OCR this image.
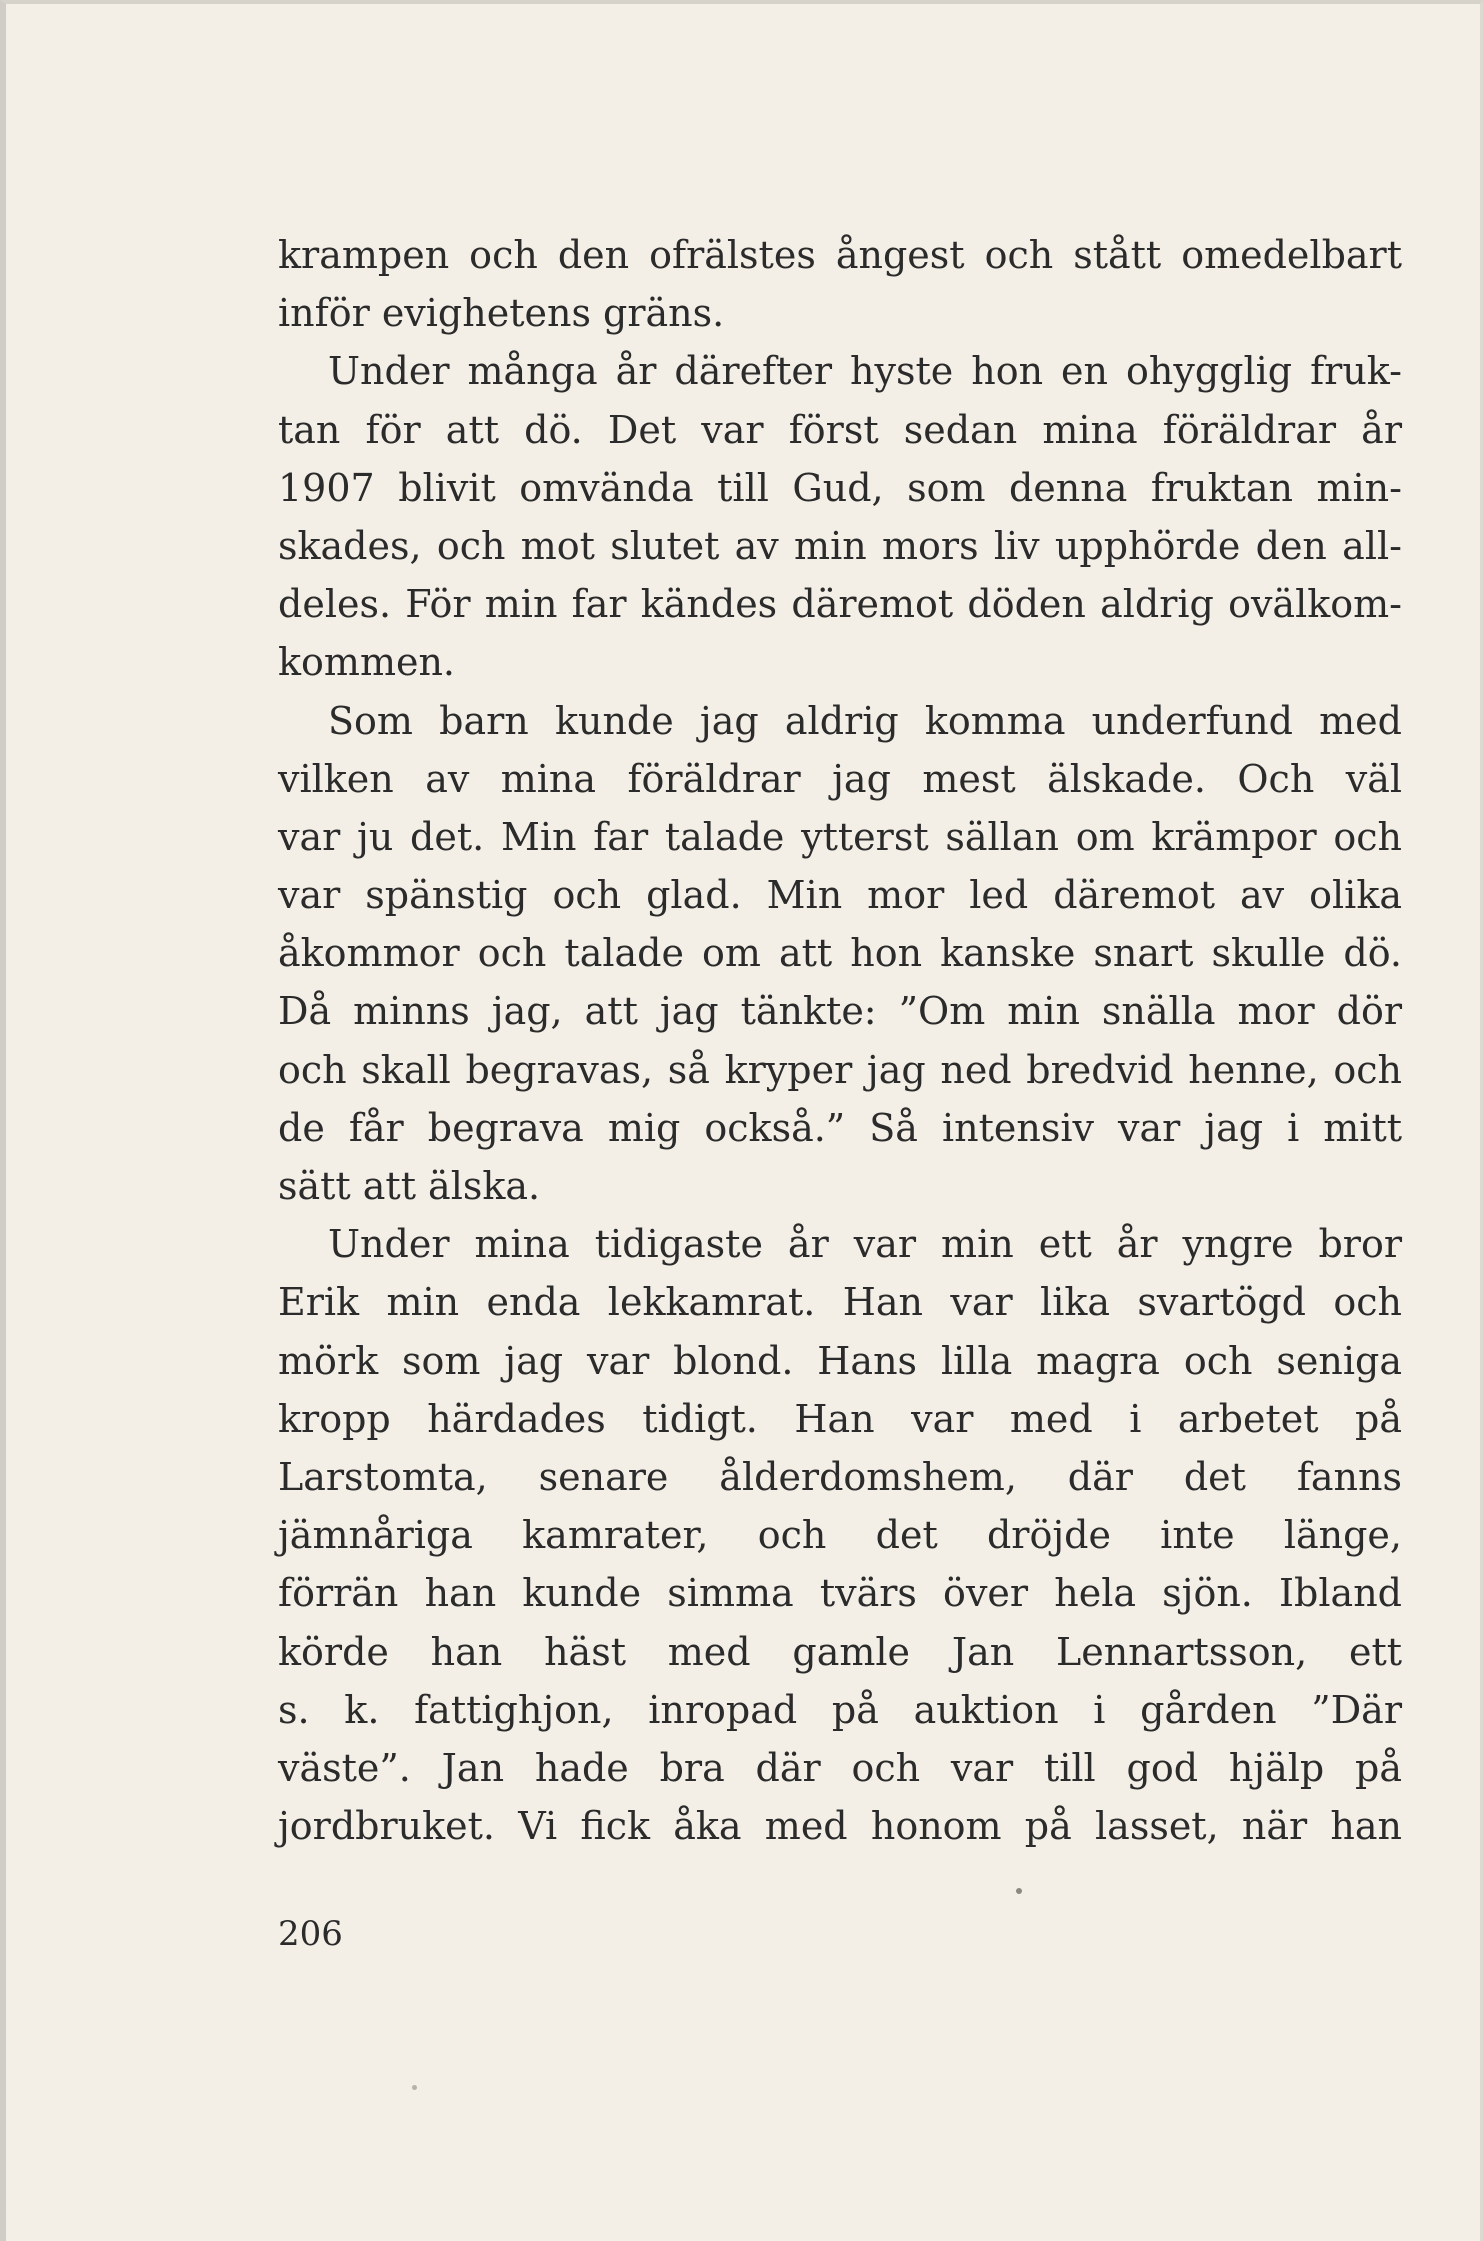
krampen och den ofrälstes ångest och stått omedelbart
inför evighetens gräns.
Under många år därefter hyste hon en ohygglig fruk-
tan för att dö. Det var först sedan mina föräldrar år
1907 blivit omvända till Gud, som denna fruktan min-
skades, och mot slutet av min mors liv upphörde den all-
deles. För min far kändes däremot döden aldrig ovälkom-
kommen.
Som barn kunde jag aldrig komma underfund med
vilken av mina föräldrar jag mest älskade. Och väl
var ju det. Min far talade ytterst sällan om krämpor och
var spänstig och glad. Min mor led däremot av olika
åkommor och talade om att hon kanske snart skulle dö.
Då minns jag, att jag tänkte: ”Om min snälla mor dör
och skall begravas, så kryper jag ned bredvid henne, och
de får begrava mig också.” Så intensiv var jag i mitt
sätt att älska.
Under mina tidigaste år var min ett år yngre bror
Erik min enda lekkamrat. Han var lika svartögd och
mörk som jag var blond. Hans lilla magra och seniga
kropp härdades tidigt. Han var med i arbetet på
Larstomta, senare ålderdomshem, där det fanns
jämnåriga kamrater, och det dröjde inte länge,
förrän han kunde simma tvärs över hela sjön. Ibland
körde han häst med gamle Jan Lennartsson, ett
s. k. fattighjon, inropad på auktion i gården ”Där
väste”. Jan hade bra där och var till god hjälp på
jordbruket. Vi fick åka med honom på lasset, när han
206
